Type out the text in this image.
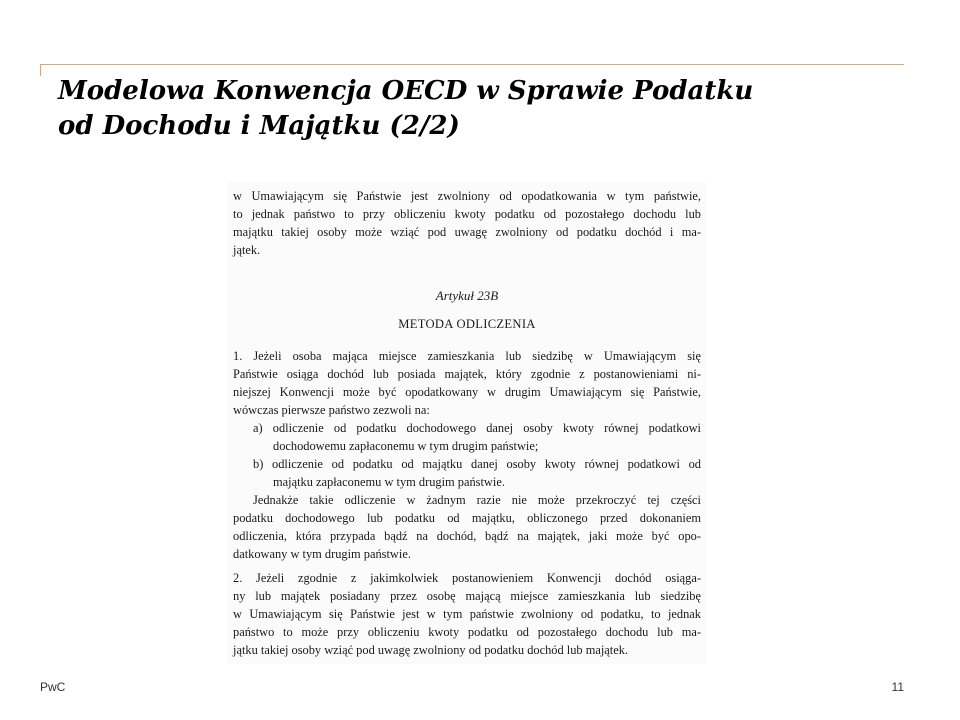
Modelowa Konwencja OECD w Sprawie Podatku
od Dochodu i Majątku (2/2)
w Umawiającym się Państwie jest zwolniony od opodatkowania w tym państwie,
to jednak państwo to przy obliczeniu kwoty podatku od pozostałego dochodu lub
majątku takiej osoby może wziąć pod uwagę zwolniony od podatku dochód i ma-
jątek.
Artykuł 23B
METODA ODLICZENIA
1. Jeżeli osoba mająca miejsce zamieszkania lub siedzibę w Umawiającym się
Państwie osiąga dochód lub posiada majątek, który zgodnie z postanowieniami ni-
niejszej Konwencji może być opodatkowany w drugim Umawiającym się Państwie,
wówczas pierwsze państwo zezwoli na:
a) odliczenie od podatku dochodowego danej osoby kwoty równej podatkowi
dochodowemu zapłaconemu w tym drugim państwie;
b) odliczenie od podatku od majątku danej osoby kwoty równej podatkowi od
majątku zapłaconemu w tym drugim państwie.
Jednakże takie odliczenie w żadnym razie nie może przekroczyć tej części
podatku dochodowego lub podatku od majątku, obliczonego przed dokonaniem
odliczenia, która przypada bądź na dochód, bądź na majątek, jaki może być opo-
datkowany w tym drugim państwie.
2. Jeżeli zgodnie z jakimkolwiek postanowieniem Konwencji dochód osiąga-
ny lub majątek posiadany przez osobę mającą miejsce zamieszkania lub siedzibę
w Umawiającym się Państwie jest w tym państwie zwolniony od podatku, to jednak
państwo to może przy obliczeniu kwoty podatku od pozostałego dochodu lub ma-
jątku takiej osoby wziąć pod uwagę zwolniony od podatku dochód lub majątek.
PwC	11
